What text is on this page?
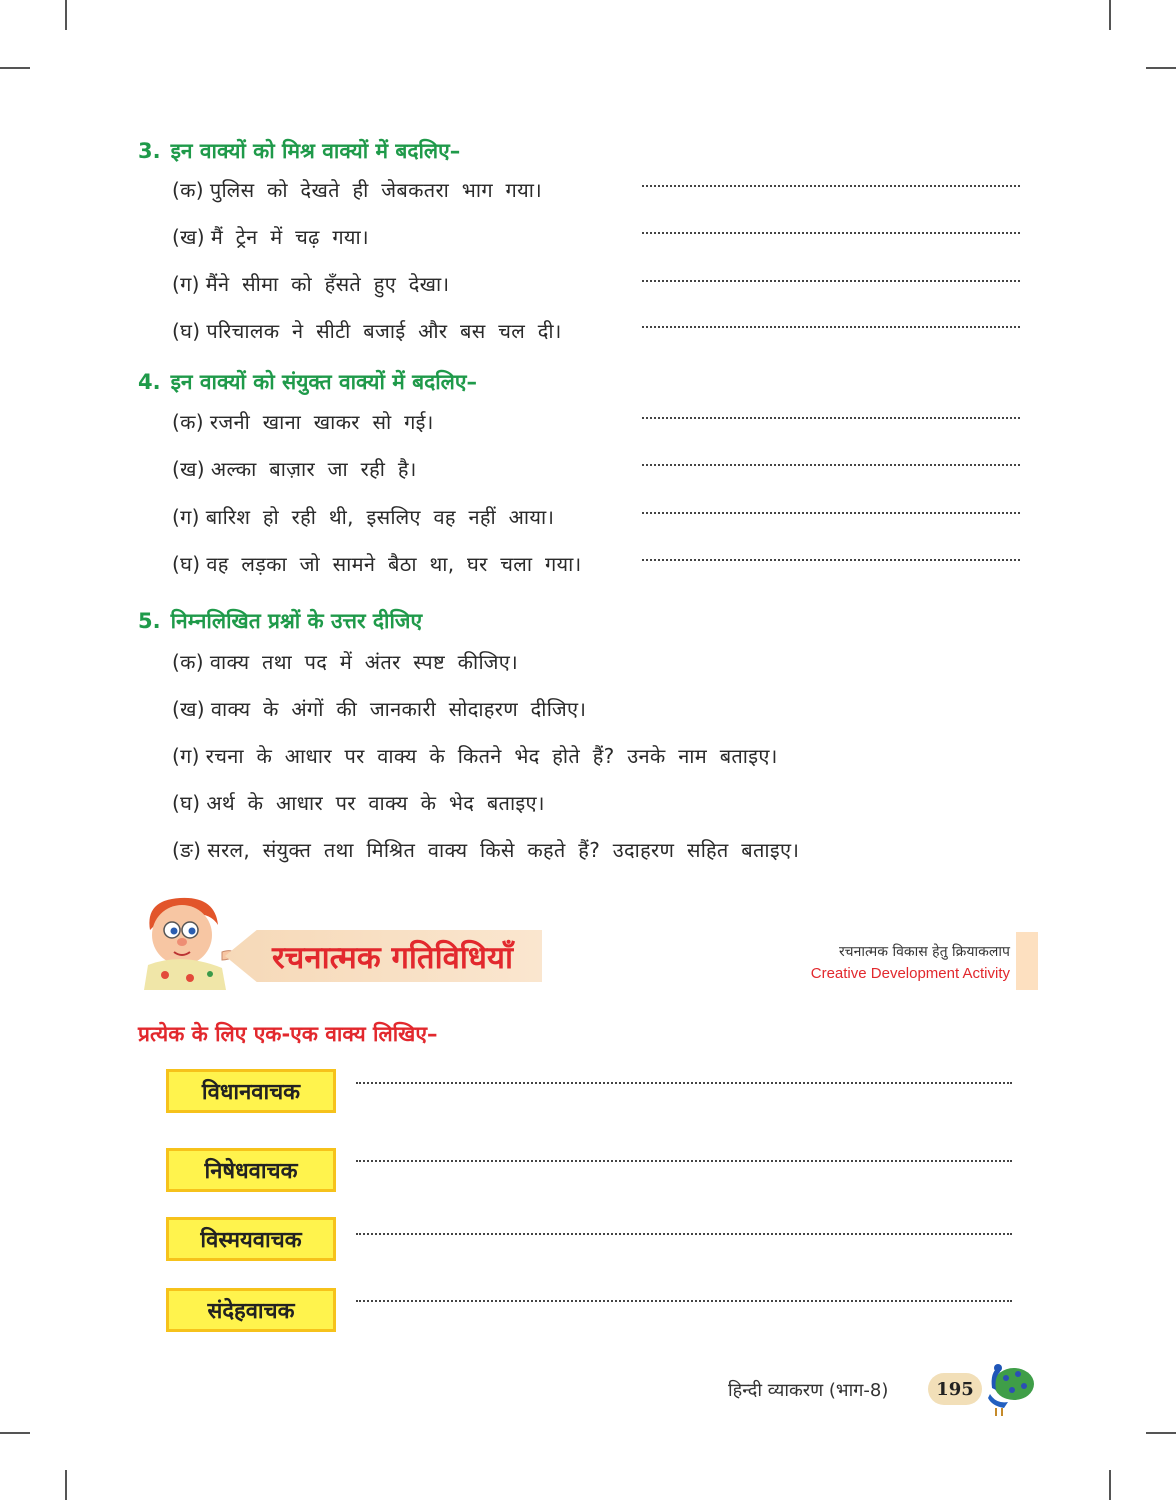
3. इन वाक्यों को मिश्र वाक्यों में बदलिए–
(क) पुलिस को देखते ही जेबकतरा भाग गया।
(ख) मैं ट्रेन में चढ़ गया।
(ग) मैंने सीमा को हँसते हुए देखा।
(घ) परिचालक ने सीटी बजाई और बस चल दी।
4. इन वाक्यों को संयुक्त वाक्यों में बदलिए–
(क) रजनी खाना खाकर सो गई।
(ख) अल्का बाज़ार जा रही है।
(ग) बारिश हो रही थी, इसलिए वह नहीं आया।
(घ) वह लड़का जो सामने बैठा था, घर चला गया।
5. निम्नलिखित प्रश्नों के उत्तर दीजिए
(क) वाक्य तथा पद में अंतर स्पष्ट कीजिए।
(ख) वाक्य के अंगों की जानकारी सोदाहरण दीजिए।
(ग) रचना के आधार पर वाक्य के कितने भेद होते हैं? उनके नाम बताइए।
(घ) अर्थ के आधार पर वाक्य के भेद बताइए।
(ङ) सरल, संयुक्त तथा मिश्रित वाक्य किसे कहते हैं? उदाहरण सहित बताइए।
रचनात्मक गतिविधियाँ	रचनात्मक विकास हेतु क्रियाकलाप
Creative Development Activity
प्रत्येक के लिए एक-एक वाक्य लिखिए–
विधानवाचक
निषेधवाचक
विस्मयवाचक
संदेहवाचक
हिन्दी व्याकरण (भाग-8)	195
